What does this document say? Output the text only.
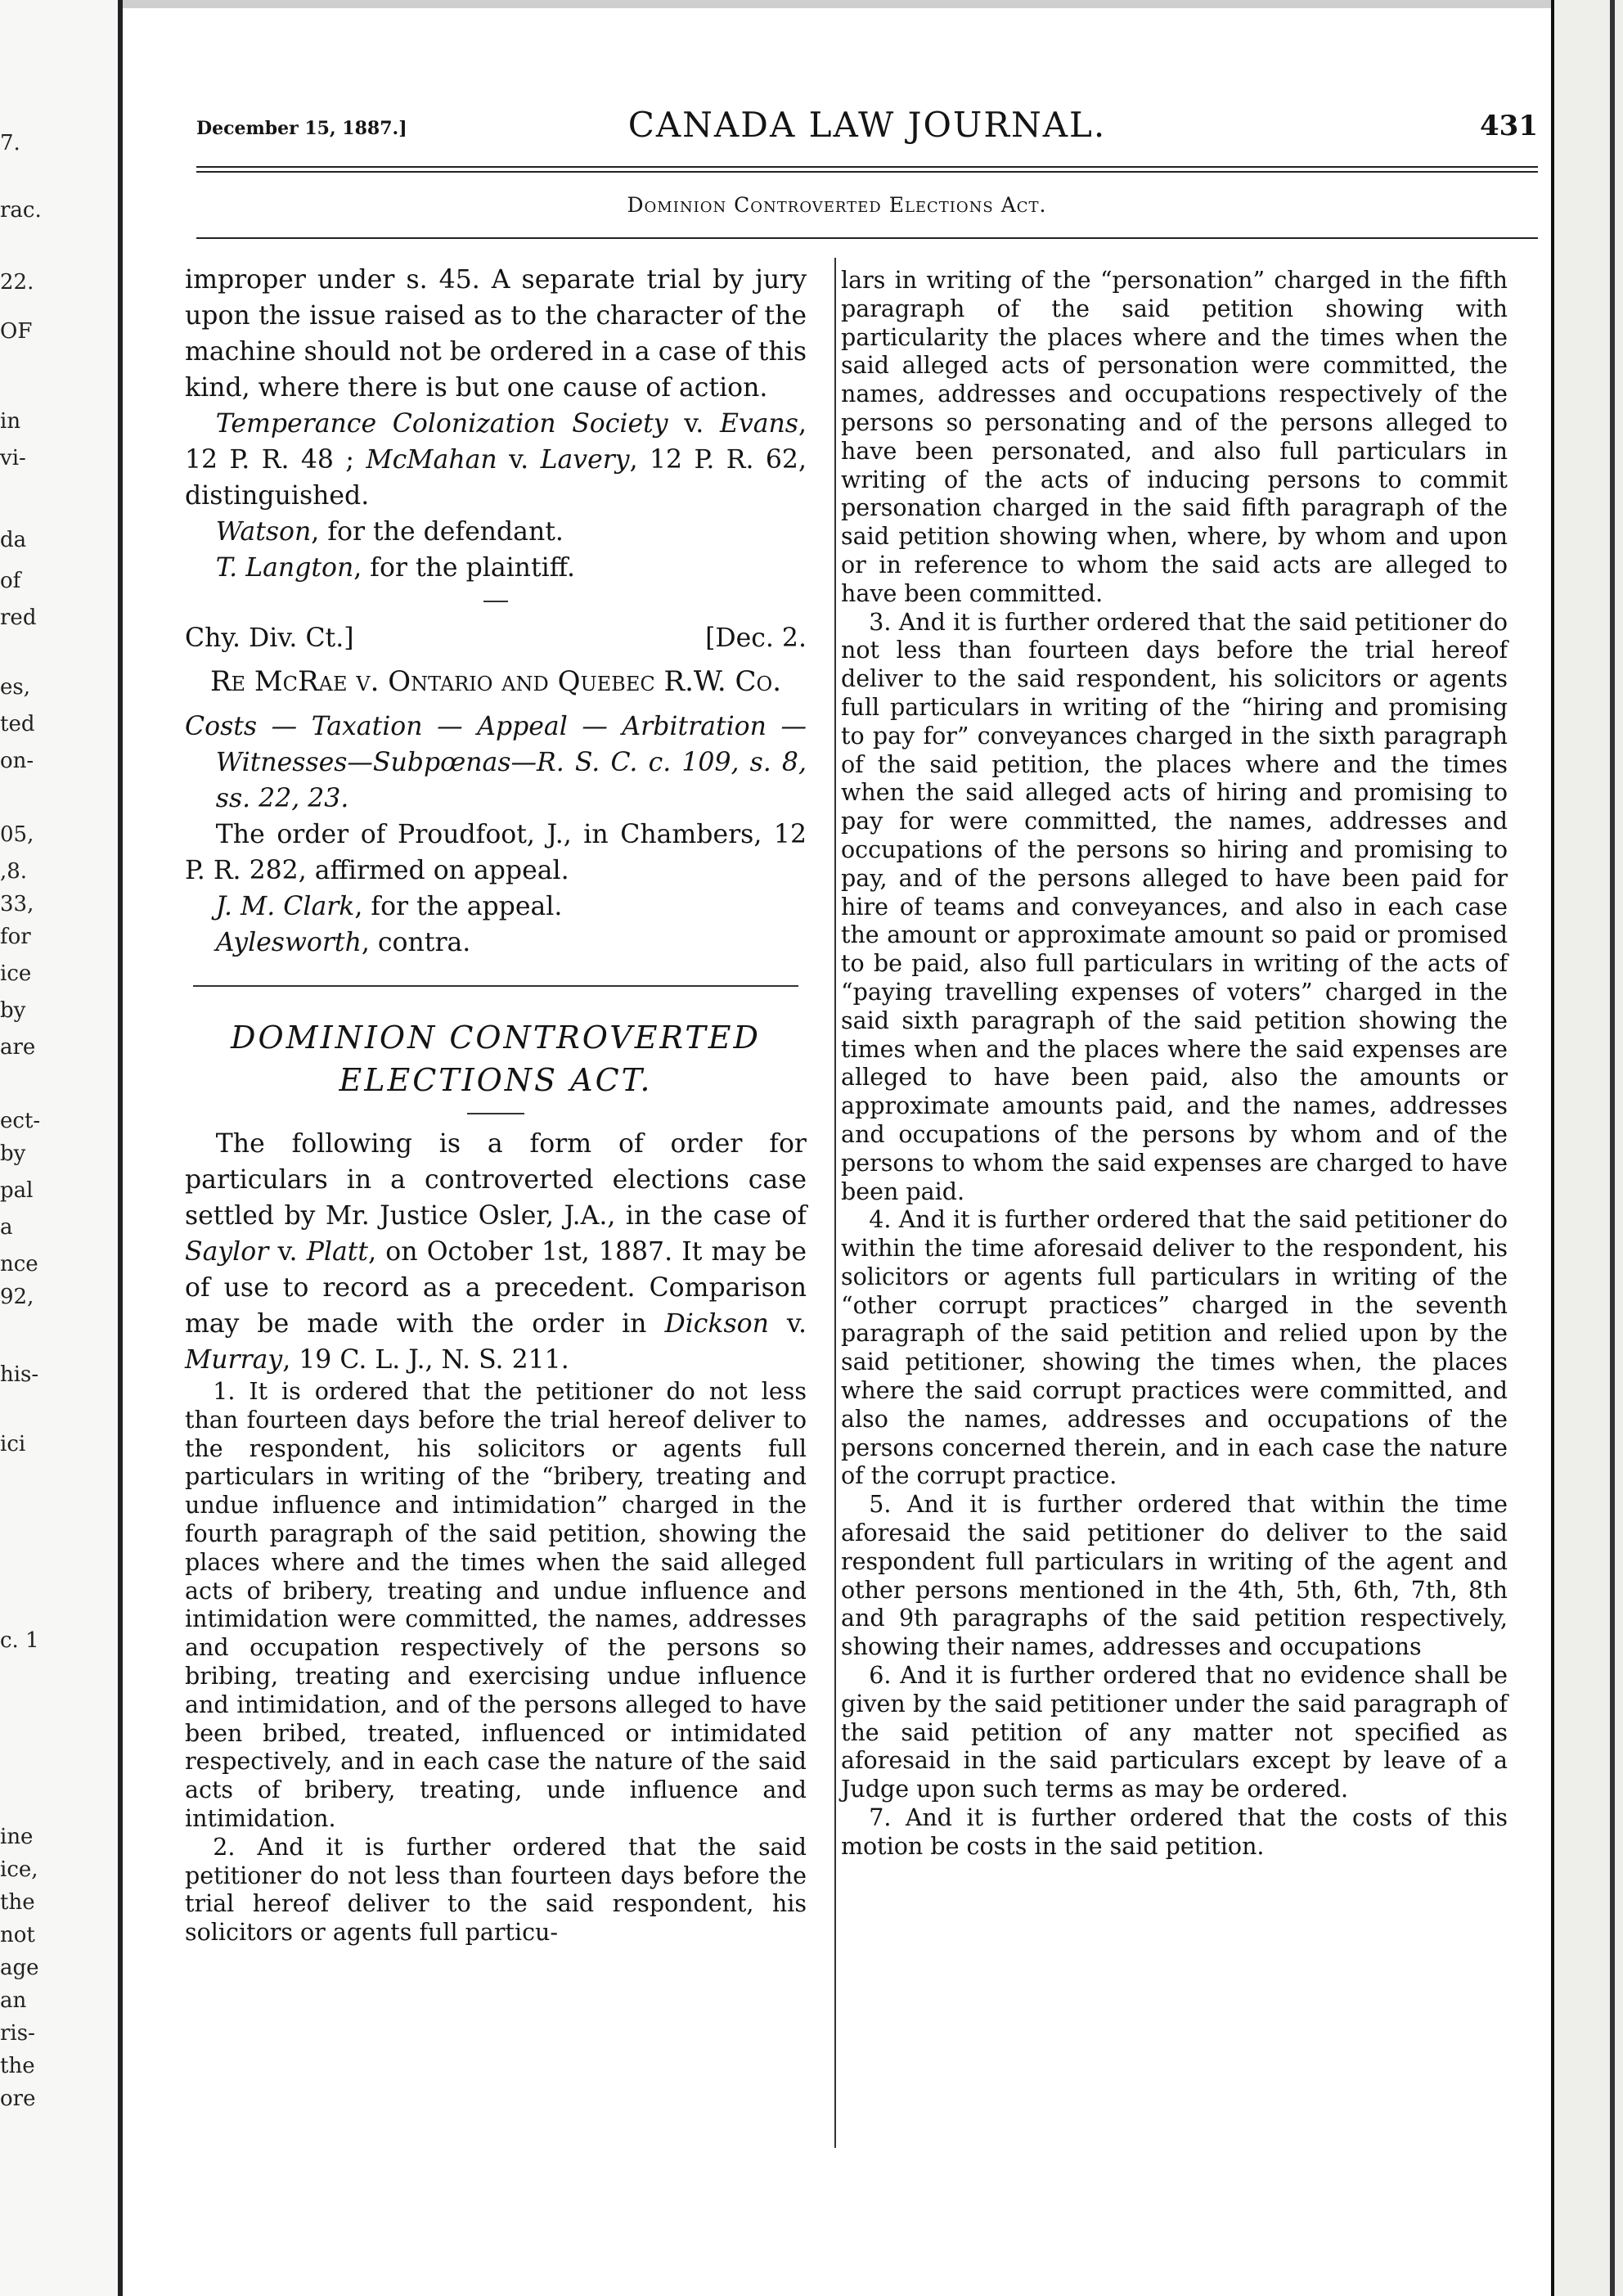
7.
rac.
22.
OF
in
vi-
da
of
red
es,
ted
on-
05,
,8.
33,
for
ice
by
are
ect-
by
pal
a
nce
92,
his-
ici
c. 1
ine
ice,
the
not
age
an
ris-
the
ore
December 15, 1887.]	CANADA LAW JOURNAL.	431
Dominion Controverted Elections Act.

improper under s. 45. A separate trial by jury upon the issue raised as to the character of the machine should not be ordered in a case of this kind, where there is but one cause of action.

Temperance Colonization Society v. Evans, 12 P. R. 48 ; McMahan v. Lavery, 12 P. R. 62, distinguished.

Watson, for the defendant.

T. Langton, for the plaintiff.

Chy. Div. Ct.]	[Dec. 2.
Re McRae v. Ontario and Quebec R.W. Co.

Costs — Taxation — Appeal — Arbitration — Witnesses—Subpœnas—R. S. C. c. 109, s. 8, ss. 22, 23.

The order of Proudfoot, J., in Chambers, 12 P. R. 282, affirmed on appeal.

J. M. Clark, for the appeal.

Aylesworth, contra.

DOMINION CONTROVERTED ELECTIONS ACT.

The following is a form of order for particulars in a controverted elections case settled by Mr. Justice Osler, J.A., in the case of Saylor v. Platt, on October 1st, 1887. It may be of use to record as a precedent. Comparison may be made with the order in Dickson v. Murray, 19 C. L. J., N. S. 211.

1. It is ordered that the petitioner do not less than fourteen days before the trial hereof deliver to the respondent, his solicitors or agents full particulars in writing of the “bribery, treating and undue influence and intimidation” charged in the fourth paragraph of the said petition, showing the places where and the times when the said alleged acts of bribery, treating and undue influence and intimidation were committed, the names, addresses and occupation respectively of the persons so bribing, treating and exercising undue influence and intimidation, and of the persons alleged to have been bribed, treated, influenced or intimidated respectively, and in each case the nature of the said acts of bribery, treating, unde influence and intimidation.

2. And it is further ordered that the said petitioner do not less than fourteen days before the trial hereof deliver to the said respondent, his solicitors or agents full particu-

lars in writing of the “personation” charged in the fifth paragraph of the said petition showing with particularity the places where and the times when the said alleged acts of personation were committed, the names, addresses and occupations respectively of the persons so personating and of the persons alleged to have been personated, and also full particulars in writing of the acts of inducing persons to commit personation charged in the said fifth paragraph of the said petition showing when, where, by whom and upon or in reference to whom the said acts are alleged to have been committed.

3. And it is further ordered that the said petitioner do not less than fourteen days before the trial hereof deliver to the said respondent, his solicitors or agents full particulars in writing of the “hiring and promising to pay for” conveyances charged in the sixth paragraph of the said petition, the places where and the times when the said alleged acts of hiring and promising to pay for were committed, the names, addresses and occupations of the persons so hiring and promising to pay, and of the persons alleged to have been paid for hire of teams and conveyances, and also in each case the amount or approximate amount so paid or promised to be paid, also full particulars in writing of the acts of “paying travelling expenses of voters” charged in the said sixth paragraph of the said petition showing the times when and the places where the said expenses are alleged to have been paid, also the amounts or approximate amounts paid, and the names, addresses and occupations of the persons by whom and of the persons to whom the said expenses are charged to have been paid.

4. And it is further ordered that the said petitioner do within the time aforesaid deliver to the respondent, his solicitors or agents full particulars in writing of the “other corrupt practices” charged in the seventh paragraph of the said petition and relied upon by the said petitioner, showing the times when, the places where the said corrupt practices were committed, and also the names, addresses and occupations of the persons concerned therein, and in each case the nature of the corrupt practice.

5. And it is further ordered that within the time aforesaid the said petitioner do deliver to the said respondent full particulars in writing of the agent and other persons mentioned in the 4th, 5th, 6th, 7th, 8th and 9th paragraphs of the said petition respectively, showing their names, addresses and occupations

6. And it is further ordered that no evidence shall be given by the said petitioner under the said paragraph of the said petition of any matter not specified as aforesaid in the said particulars except by leave of a Judge upon such terms as may be ordered.

7. And it is further ordered that the costs of this motion be costs in the said petition.
